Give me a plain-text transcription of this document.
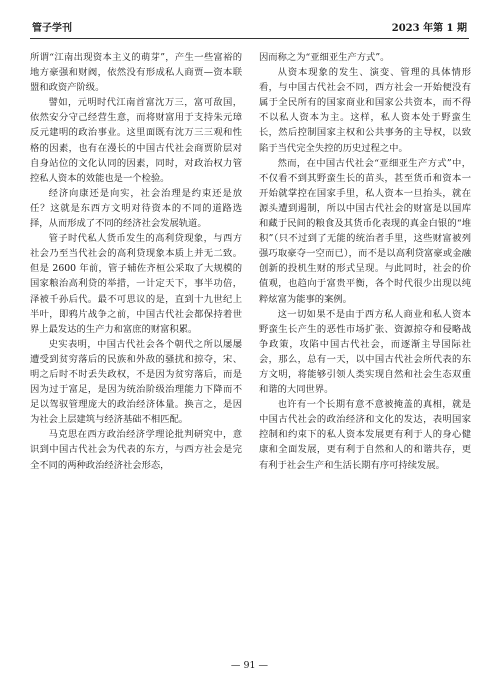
管子学刊	2023 年第 1 期

所谓“江南出现资本主义的萌芽”，产生一些富裕的地方豪强和财阀，依然没有形成私人商贾—资本联盟和政资产阶级。

譬如，元明时代江南首富沈万三，富可敌国，依然安分守己经营生意，而将财富用于支持朱元璋反元建明的政治事业。这里面既有沈万三三观和性格的因素，也有在漫长的中国古代社会商贾阶层对自身站位的文化认同的因素，同时，对政治权力管控私人资本的效能也是一个检验。

经济向康还是向实，社会治理是约束还是放任？这就是东西方文明对待资本的不同的道路选择，从而形成了不同的经济社会发展轨道。

管子时代私人货币发生的高利贷现象，与西方社会乃至当代社会的高利贷现象本质上并无二致。但是 2600 年前，管子辅佐齐桓公采取了大规模的国家粮治高利贷的举措，一计定天下，事半功倍，泽被千孙后代。最不可思议的是，直到十九世纪上半叶，即鸦片战争之前，中国古代社会都保持着世界上最发达的生产力和富庶的财富积累。

史实表明，中国古代社会各个朝代之所以屡屡遭受到贫穷落后的民族和外敌的骚扰和掠夺，宋、明之后时不时丢失政权，不是因为贫穷落后，而是因为过于富足，是因为统治阶级治理能力下降而不足以驾驭管理庞大的政治经济体量。换言之，是因为社会上层建筑与经济基础不相匹配。

马克思在西方政治经济学理论批判研究中，意识到中国古代社会为代表的东方，与西方社会是完全不同的两种政治经济社会形态，

因而称之为“亚细亚生产方式”。

从资本现象的发生、演变、管理的具体情形看，与中国古代社会不同，西方社会一开始便没有属于全民所有的国家商业和国家公共资本，而不得不以私人资本为主。这样，私人资本处于野蛮生长，然后控制国家主权和公共事务的主导权，以致陷于当代完全失控的历史过程之中。

然而，在中国古代社会“亚细亚生产方式”中，不仅看不到其野蛮生长的苗头，甚至货币和资本一开始就掌控在国家手里，私人资本一旦抬头，就在源头遭到遏制，所以中国古代社会的财富是以国库和藏于民间的粮食及其货币化表现的真金白银的“堆积”（只不过到了无能的统治者手里，这些财富被列强巧取豪夺一空而已），而不是以高利贷富豪或金融创新的投机生财的形式呈现。与此同时，社会的价值观，也趋向于富贵平衡，各个时代很少出现以纯粹炫富为能事的案例。

这一切如果不是由于西方私人商业和私人资本野蛮生长产生的恶性市场扩张、资源掠夺和侵略战争政策，攻陷中国古代社会，而逐渐主导国际社会，那么，总有一天，以中国古代社会所代表的东方文明，将能够引领人类实现自然和社会生态双重和谐的大同世界。

也许有一个长期有意不意被掩盖的真相，就是中国古代社会的政治经济和文化的发达，表明国家控制和约束下的私人资本发展更有利于人的身心健康和全面发展，更有利于自然和人的和谐共存，更有利于社会生产和生活长期有序可持续发展。

— 91 —
